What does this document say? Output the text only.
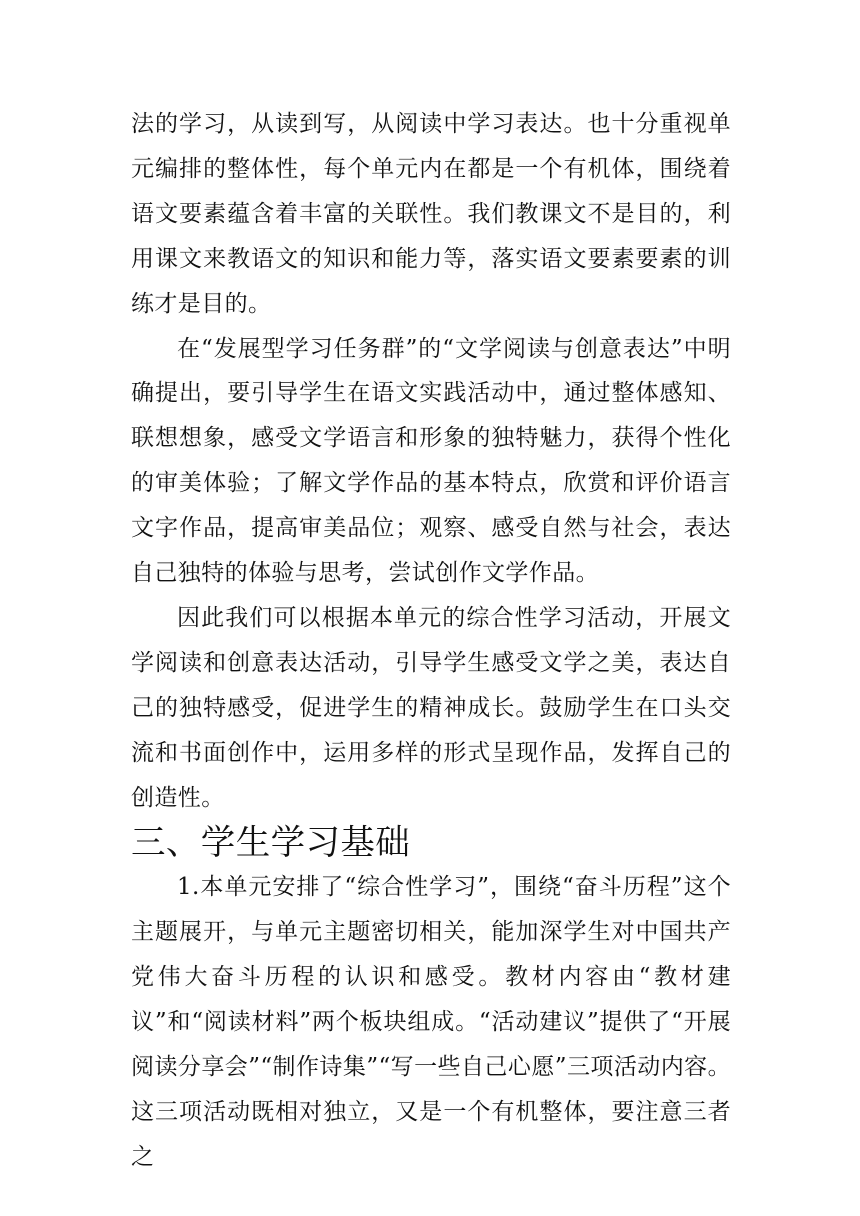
法的学习，从读到写，从阅读中学习表达。也十分重视单元编排的整体性，每个单元内在都是一个有机体，围绕着语文要素蕴含着丰富的关联性。我们教课文不是目的，利用课文来教语文的知识和能力等，落实语文要素要素的训练才是目的。

在“发展型学习任务群”的“文学阅读与创意表达”中明确提出，要引导学生在语文实践活动中，通过整体感知、联想想象，感受文学语言和形象的独特魅力，获得个性化的审美体验；了解文学作品的基本特点，欣赏和评价语言文字作品，提高审美品位；观察、感受自然与社会，表达自己独特的体验与思考，尝试创作文学作品。

因此我们可以根据本单元的综合性学习活动，开展文学阅读和创意表达活动，引导学生感受文学之美，表达自己的独特感受，促进学生的精神成长。鼓励学生在口头交流和书面创作中，运用多样的形式呈现作品，发挥自己的创造性。

三、学生学习基础

1.本单元安排了“综合性学习”，围绕“奋斗历程”这个主题展开，与单元主题密切相关，能加深学生对中国共产党伟大奋斗历程的认识和感受。教材内容由“教材建议”和“阅读材料”两个板块组成。“活动建议”提供了“开展阅读分享会”“制作诗集”“写一些自己心愿”三项活动内容。这三项活动既相对独立，又是一个有机整体，要注意三者之
